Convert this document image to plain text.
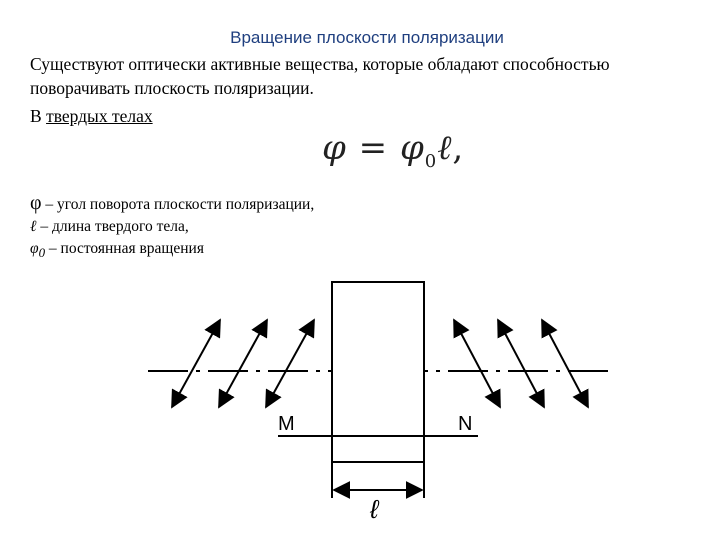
Вращение плоскости поляризации
Существуют оптически активные вещества, которые обладают способностью поворачивать плоскость поляризации.
В твердых телах
$\varphi = \varphi_0\ell$,
φ – угол поворота плоскости поляризации,
ℓ – длина твердого тела,
$\varphi_0$ – постоянная вращения
M	N
ℓ
